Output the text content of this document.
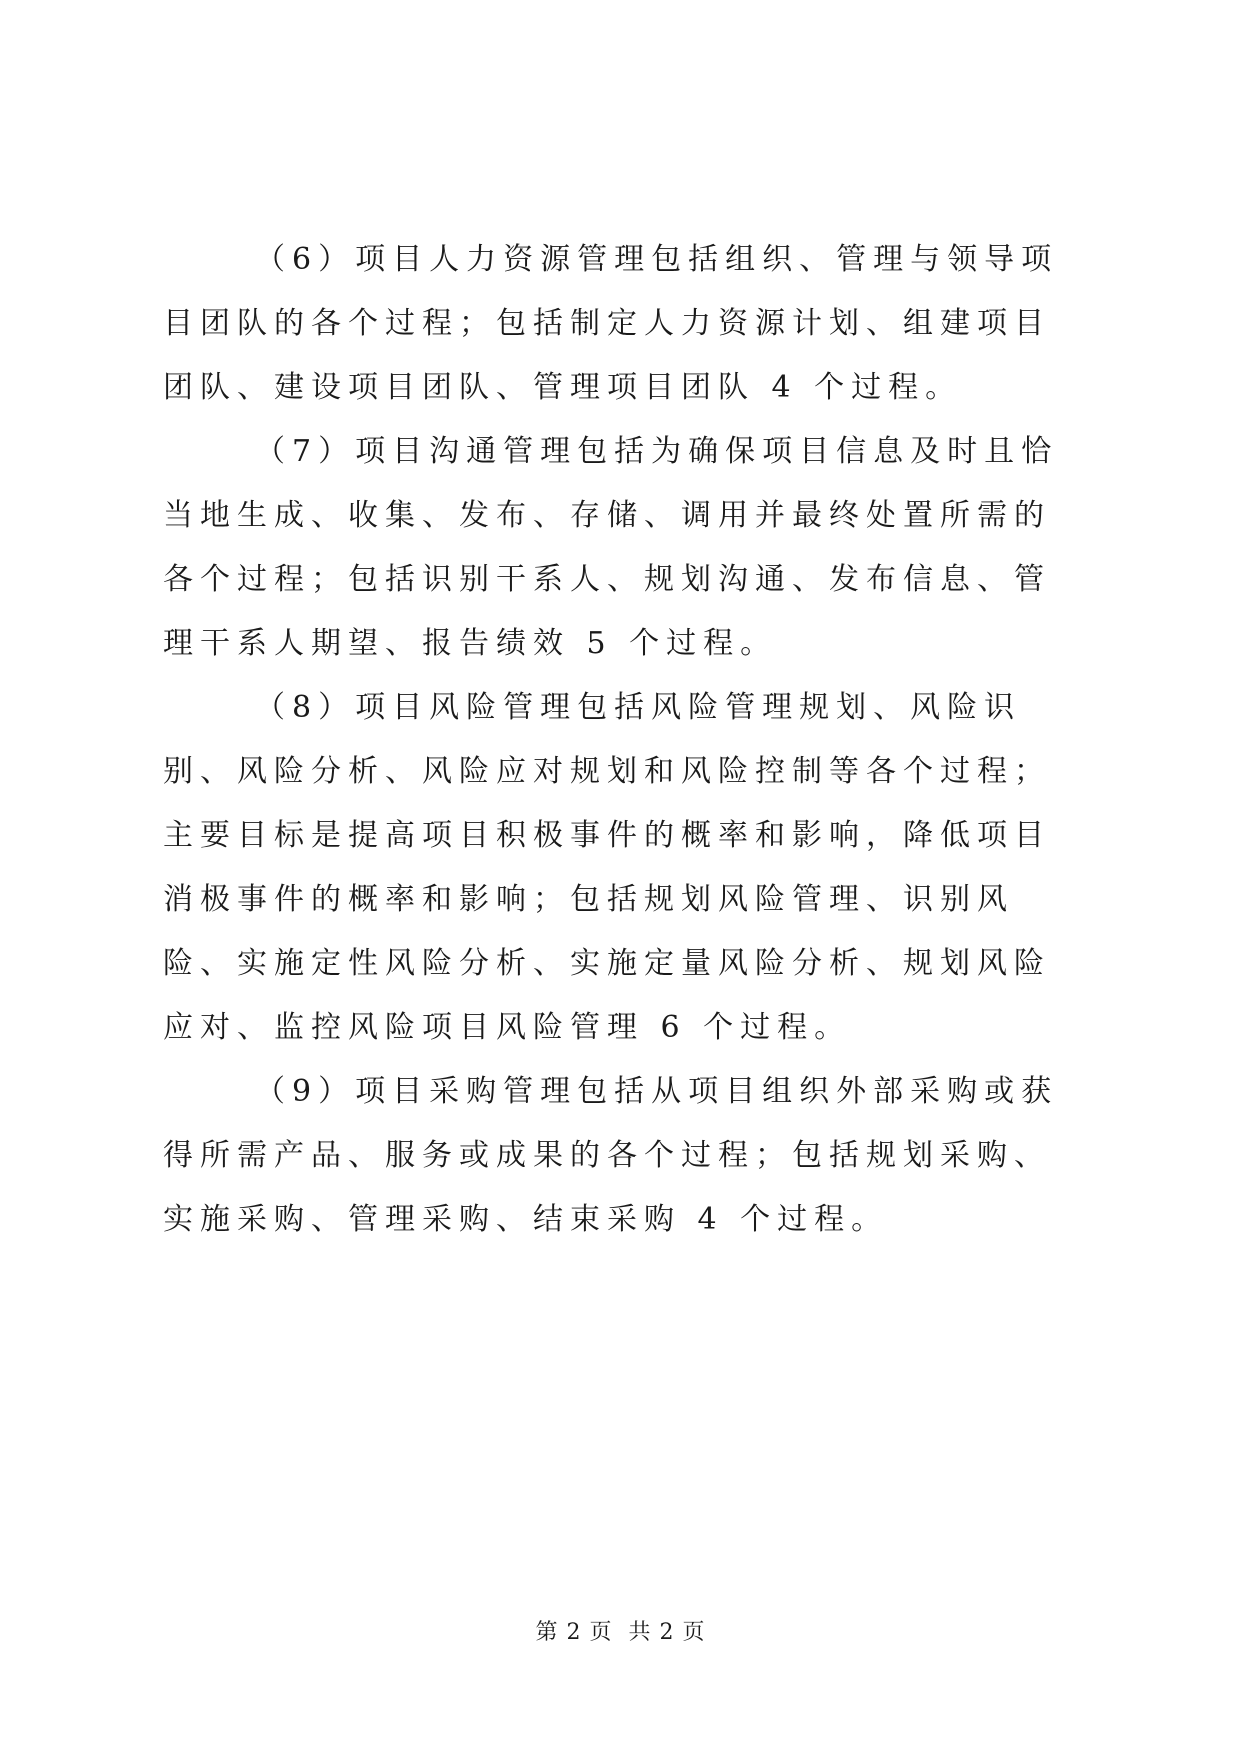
（6）项目人力资源管理包括组织、管理与领导项目团队的各个过程；包括制定人力资源计划、组建项目团队、建设项目团队、管理项目团队 4 个过程。

（7）项目沟通管理包括为确保项目信息及时且恰当地生成、收集、发布、存储、调用并最终处置所需的各个过程；包括识别干系人、规划沟通、发布信息、管理干系人期望、报告绩效 5 个过程。

（8）项目风险管理包括风险管理规划、风险识别、风险分析、风险应对规划和风险控制等各个过程；主要目标是提高项目积极事件的概率和影响，降低项目消极事件的概率和影响；包括规划风险管理、识别风险、实施定性风险分析、实施定量风险分析、规划风险应对、监控风险项目风险管理 6 个过程。

（9）项目采购管理包括从项目组织外部采购或获得所需产品、服务或成果的各个过程；包括规划采购、实施采购、管理采购、结束采购 4 个过程。

第 2 页 共 2 页
